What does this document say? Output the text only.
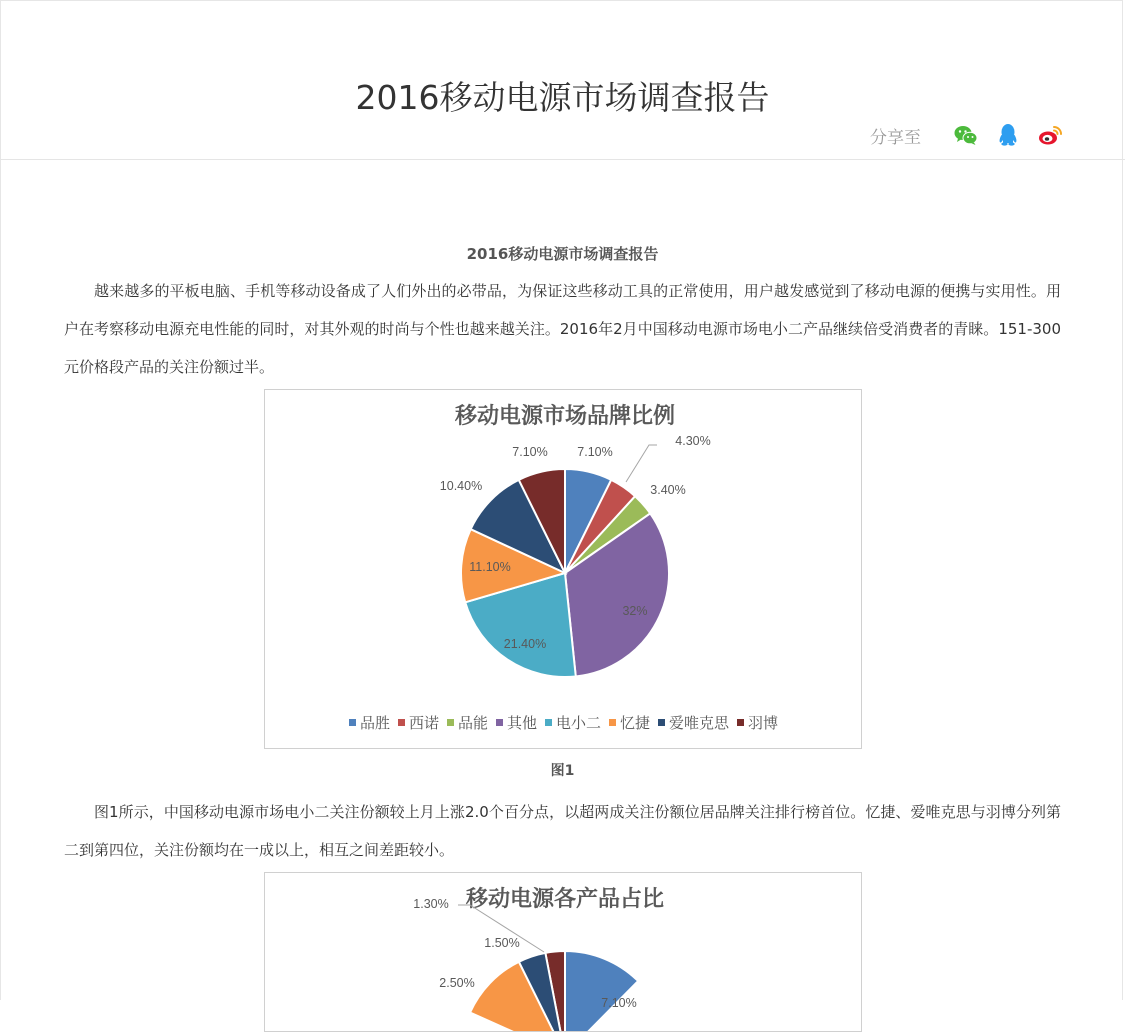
2016移动电源市场调查报告
分享至
2016移动电源市场调查报告

越来越多的平板电脑、手机等移动设备成了人们外出的必带品，为保证这些移动工具的正常使用，用户越发感觉到了移动电源的便携与实用性。用户在考察移动电源充电性能的同时，对其外观的时尚与个性也越来越关注。2016年2月中国移动电源市场电小二产品继续倍受消费者的青睐。151-300元价格段产品的关注份额过半。

移动电源市场品牌比例
7.10%
4.30%
3.40%
32%
21.40%
11.10%
10.40%
7.10%
品胜 西诺 品能 其他 电小二 忆捷 爱唯克思 羽博
图1

图1所示，中国移动电源市场电小二关注份额较上月上涨2.0个百分点，以超两成关注份额位居品牌关注排行榜首位。忆捷、爱唯克思与羽博分列第二到第四位，关注份额均在一成以上，相互之间差距较小。

移动电源各产品占比
7.10%
1.30%
1.50%
2.50%
